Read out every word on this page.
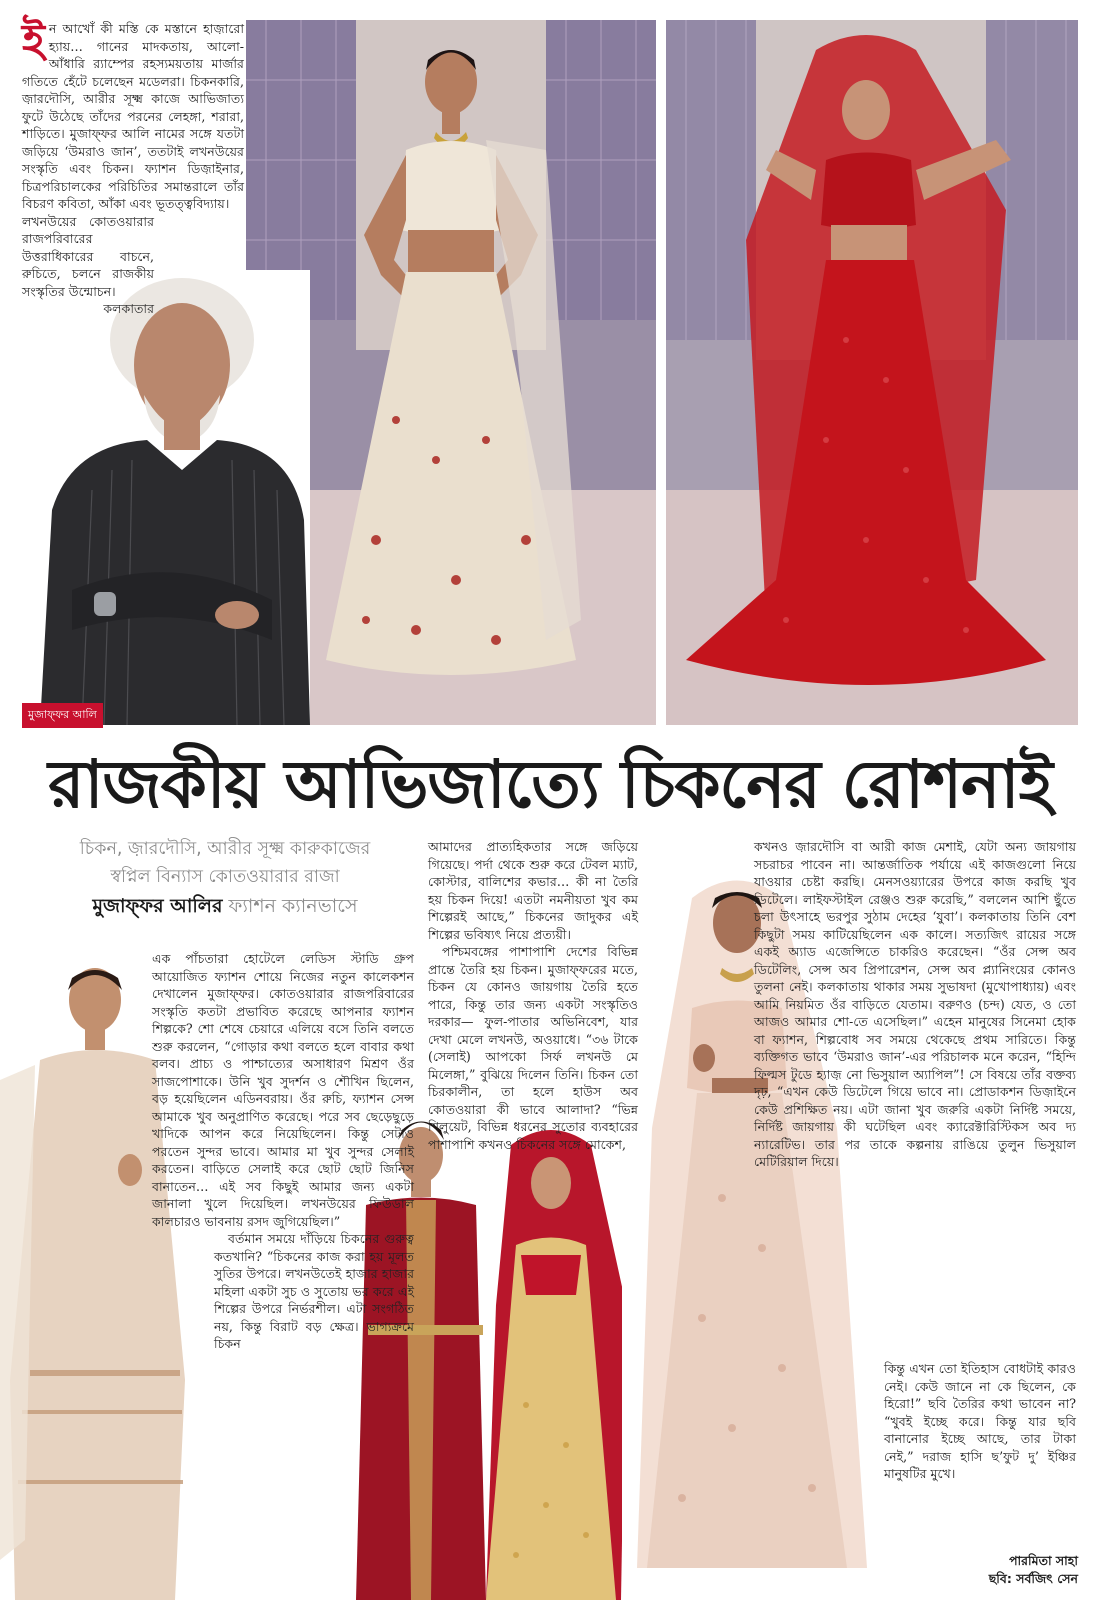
মুজাফ্ফর আলি
ই ন আখোঁ কী মস্তি কে মস্তানে হাজ়ারো হ্যায়… গানের মাদকতায়, আলো-আঁধারি র‍্যাম্পের রহস্যময়তায় মার্জার গতিতে হেঁটে চলেছেন মডেলরা। চিকনকারি, জ়ারদৌসি, আরীর সূক্ষ্ম কাজে আভিজাত্য ফুটে উঠেছে তাঁদের পরনের লেহঙ্গা, শরারা, শাড়িতে। মুজাফ্ফর আলি নামের সঙ্গে যতটা জড়িয়ে ‘উমরাও জান’, ততটাই লখনউয়ের সংস্কৃতি এবং চিকন। ফ্যাশন ডিজ়াইনার, চিত্রপরিচালকের পরিচিতির সমান্তরালে তাঁর বিচরণ কবিতা, আঁকা এবং ভূতত্ত্ববিদ্যায়।
লখনউয়ের কোতওয়ারার রাজপরিবারের উত্তরাধিকারের বাচনে, রুচিতে, চলনে রাজকীয় সংস্কৃতির উন্মোচন।
কলকাতার
রাজকীয় আভিজাত্যে চিকনের রোশনাই
চিকন, জ়ারদৌসি, আরীর সূক্ষ্ম কারুকাজের
স্বপ্নিল বিন্যাস কোতওয়ারার রাজা
মুজাফ্ফর আলির ফ্যাশন ক্যানভাসে

এক পাঁচতারা হোটেলে লেডিস স্টাডি গ্রুপ আয়োজিত ফ্যাশন শোয়ে নিজের নতুন কালেকশন দেখালেন মুজাফ্ফর। কোতওয়ারার রাজপরিবারের সংস্কৃতি কতটা প্রভাবিত করেছে আপনার ফ্যাশন শিল্পকে? শো শেষে চেয়ারে এলিয়ে বসে তিনি বলতে শুরু করলেন, “গোড়ার কথা বলতে হলে বাবার কথা বলব। প্রাচ্য ও পাশ্চাত্যের অসাধারণ মিশ্রণ ওঁর সাজপোশাকে। উনি খুব সুদর্শন ও শৌখিন ছিলেন, বড় হয়েছিলেন এডিনবরায়। ওঁর রুচি, ফ্যাশন সেন্স আমাকে খুব অনুপ্রাণিত করেছে। পরে সব ছেড়েছুড়ে খাদিকে আপন করে নিয়েছিলেন। কিন্তু সেটাও পরতেন সুন্দর ভাবে। আমার মা খুব সুন্দর সেলাই করতেন। বাড়িতে সেলাই করে ছোট ছোট জিনিস বানাতেন… এই সব কিছুই আমার জন্য একটা জানালা খুলে দিয়েছিল। লখনউয়ের ফিউডাল কালচারও ভাবনায় রসদ জুগিয়েছিল।”

বর্তমান সময়ে দাঁড়িয়ে চিকনের গুরুত্ব কতখানি? “চিকনের কাজ করা হয় মূলত সুতির উপরে। লখনউতেই হাজার হাজার মহিলা একটা সুচ ও সুতোয় ভর করে এই শিল্পের উপরে নির্ভরশীল। এটা সংগঠিত নয়, কিন্তু বিরাট বড় ক্ষেত্র। ভাগ্যক্রমে চিকন

আমাদের প্রাত্যহিকতার সঙ্গে জড়িয়ে গিয়েছে। পর্দা থেকে শুরু করে টেবল ম্যাট, কোস্টার, বালিশের কভার… কী না তৈরি হয় চিকন দিয়ে! এতটা নমনীয়তা খুব কম শিল্পেরই আছে,” চিকনের জাদুকর এই শিল্পের ভবিষ্যৎ নিয়ে প্রত্যয়ী।

পশ্চিমবঙ্গের পাশাপাশি দেশের বিভিন্ন প্রান্তে তৈরি হয় চিকন। মুজাফ্ফরের মতে, চিকন যে কোনও জায়গায় তৈরি হতে পারে, কিন্তু তার জন্য একটা সংস্কৃতিও দরকার— ফুল-পাতার অভিনিবেশ, যার দেখা মেলে লখনউ, অওয়াধে। “৩৬ টাকে (সেলাই) আপকো সির্ফ লখনউ মে মিলেঙ্গা,” বুঝিয়ে দিলেন তিনি। চিকন তো চিরকালীন, তা হলে হাউস অব কোতওয়ারা কী ভাবে আলাদা? “ভিন্ন শিলুয়েট, বিভিন্ন ধরনের সুতোর ব্যবহারের পাশাপাশি কখনও চিকনের সঙ্গে মোকেশ,

কখনও জ়ারদৌসি বা আরী কাজ মেশাই, যেটা অন্য জায়গায় সচরাচর পাবেন না। আন্তর্জাতিক পর্যায়ে এই কাজগুলো নিয়ে যাওয়ার চেষ্টা করছি। মেনসওয়্যারের উপরে কাজ করছি খুব ডিটেলে। লাইফস্টাইল রেঞ্জও শুরু করেছি,” বললেন আশি ছুঁতে চলা উৎসাহে ভরপুর সুঠাম দেহের ‘যুবা’। কলকাতায় তিনি বেশ কিছুটা সময় কাটিয়েছিলেন এক কালে। সত্যজিৎ রায়ের সঙ্গে একই অ্যাড এজেন্সিতে চাকরিও করেছেন। “ওঁর সেন্স অব ডিটেলিং, সেন্স অব প্রিপারেশন, সেন্স অব প্ল্যানিংয়ের কোনও তুলনা নেই। কলকাতায় থাকার সময় সুভাষদা (মুখোপাধ্যায়) এবং আমি নিয়মিত ওঁর বাড়িতে যেতাম। বরুণও (চন্দ) যেত, ও তো আজও আমার শো-তে এসেছিল।” এহেন মানুষের সিনেমা হোক বা ফ্যাশন, শিল্পবোধ সব সময়ে থেকেছে প্রথম সারিতে। কিন্তু ব্যক্তিগত ভাবে ‘উমরাও জান’-এর পরিচালক মনে করেন, “হিন্দি ফিল্মস টুডে হ্যাজ় নো ভিসুয়াল অ্যাপিল”! সে বিষয়ে তাঁর বক্তব্য দৃঢ়, “এখন কেউ ডিটেলে গিয়ে ভাবে না। প্রোডাকশন ডিজ়াইনে কেউ প্রশিক্ষিত নয়। এটা জানা খুব জরুরি একটা নির্দিষ্ট সময়ে, নির্দিষ্ট জায়গায় কী ঘটেছিল এবং ক্যারেক্টারিস্টিকস অব দ্য ন্যারেটিভ। তার পর তাকে কল্পনায় রাঙিয়ে তুলুন ভিসুয়াল মেটিরিয়াল দিয়ে।

কিন্তু এখন তো ইতিহাস বোধটাই কারও নেই। কেউ জানে না কে ছিলেন, কে হিরো!” ছবি তৈরির কথা ভাবেন না? “খুবই ইচ্ছে করে। কিন্তু যার ছবি বানানোর ইচ্ছে আছে, তার টাকা নেই,” দরাজ হাসি ছ’ফুট দু’ ইঞ্চির মানুষটির মুখে।

পারমিতা সাহা
ছবি: সর্বজিৎ সেন
